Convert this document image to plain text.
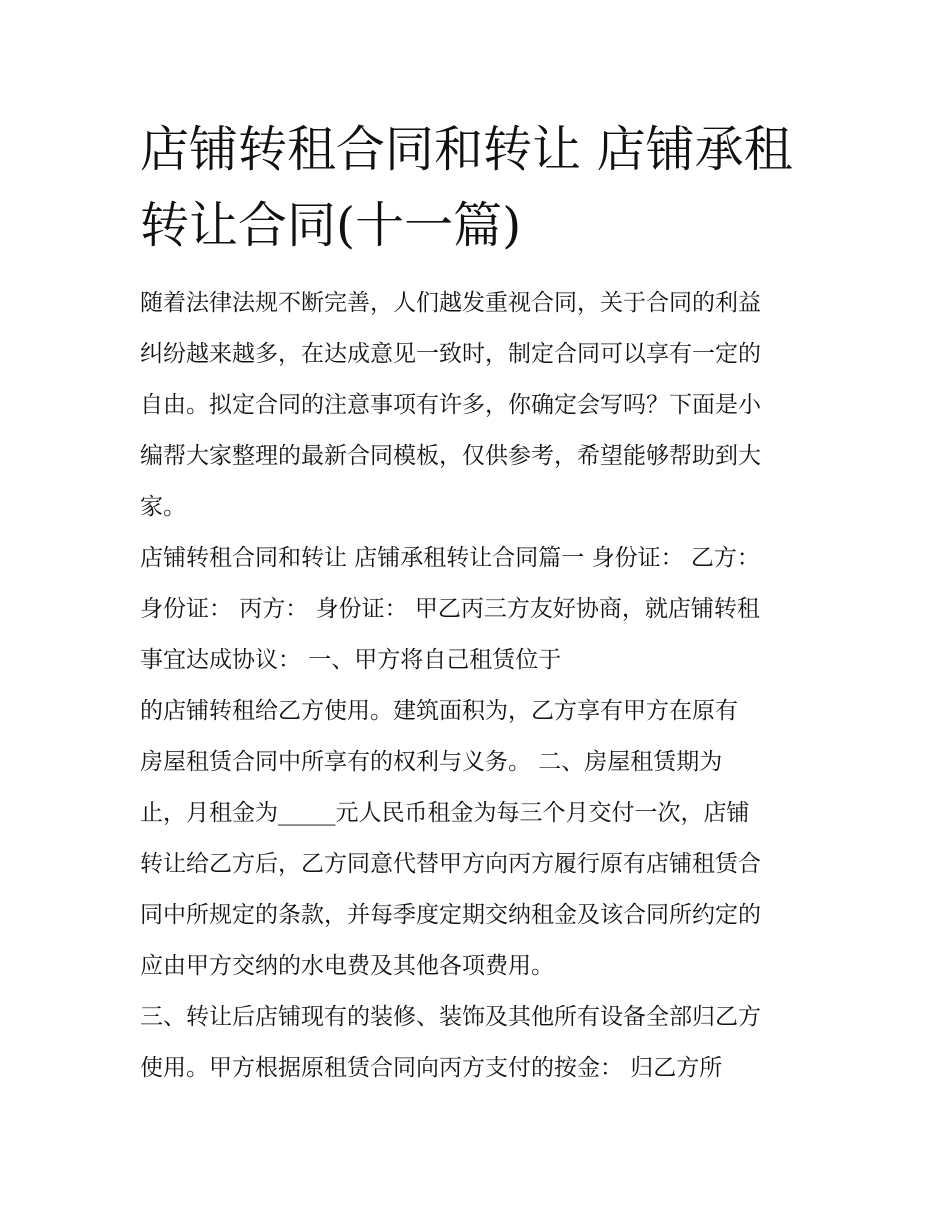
店铺转租合同和转让 店铺承租
转让合同(十一篇)
随着法律法规不断完善，人们越发重视合同，关于合同的利益
纠纷越来越多，在达成意见一致时，制定合同可以享有一定的
自由。拟定合同的注意事项有许多，你确定会写吗？下面是小
编帮大家整理的最新合同模板，仅供参考，希望能够帮助到大
家。
店铺转租合同和转让 店铺承租转让合同篇一 身份证： 乙方：
身份证： 丙方： 身份证： 甲乙丙三方友好协商，就店铺转租
事宜达成协议： 一、甲方将自己租赁位于
的店铺转租给乙方使用。建筑面积为，乙方享有甲方在原有
房屋租赁合同中所享有的权利与义务。 二、房屋租赁期为
止，月租金为_____元人民币租金为每三个月交付一次，店铺
转让给乙方后，乙方同意代替甲方向丙方履行原有店铺租赁合
同中所规定的条款，并每季度定期交纳租金及该合同所约定的
应由甲方交纳的水电费及其他各项费用。
三、转让后店铺现有的装修、装饰及其他所有设备全部归乙方
使用。甲方根据原租赁合同向丙方支付的按金： 归乙方所
